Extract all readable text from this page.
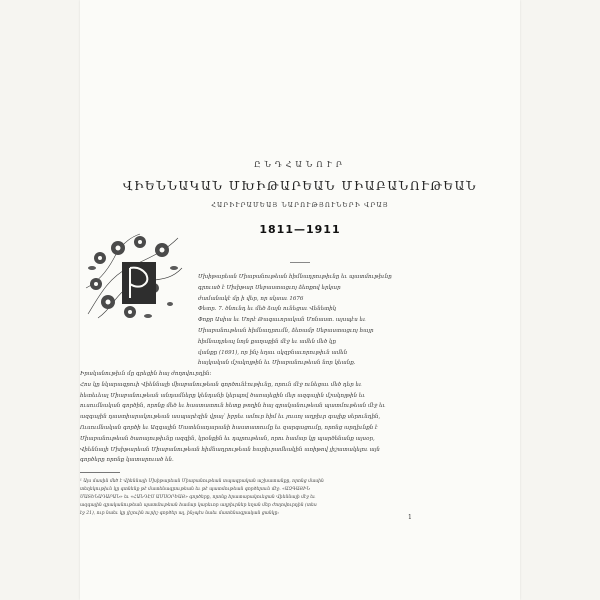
ԸՆԴՀԱՆՈՒՐ
ՎԻԵՆՆԱԿԱՆ ՄԽԻԹԱՐԵԱՆ ՄԻԱԲԱՆՈՒԹԵԱՆ
ՀԱՐԻՒՐԱՄԵԱՅ ՆԱՐՈՒԹՅՈՒՆԵՐԻ ՎՐԱՅ
1811—1911
Մխիթարեան Միաբանութեան հիմնադրութիւնը եւ պատմութիւնը
գրուած է Մխիթար Սեբաստացւոյ ձեռքով երկար
ժամանակէ մը ի վեր, որ սկսաւ 1676
Փետր. 7. ծնունդ եւ մեծ ձայն ունեցաւ Վենետիկ
Փոքր Ասիա եւ Մորէ Թագաւորական Մոնաստ. այսպէս եւ
Միաբանութեան հիմնադրումն, ձեռամբ Սեբաստացւոյ հայր
հիմնադրեալ նոյն քաղաքին մէջ եւ ամեն մեծ կը
վանքը (1691), որ ինչ եղաւ սկզբնաւորութիւն ամեն
հայկական մշակոյթին եւ Միաբանութեան նոր կեանք.
Իրականութիւն մը գրեցին հայ ժողովուրդին:
Հոս կը նկարագրուի Վիեննայի միաբանութեան գործունէութիւնը, որուն մէջ ունեցաւ մեծ դեր եւ
հետեւեալ Միաբանութեան անդամները կենդանի կերպով ծառայեցին մեր ազգային մշակոյթին եւ
ուսումնական գործին, որոնք մեծ եւ հաստատուն հետք թողին հայ գրականութեան պատմութեան մէջ եւ
ազգային դաստիարակութեան ասպարէզին վրայ՝ իբրեւ ամուր հիմ եւ յուսոյ աղբիւր գալիք սերունդին,
Ուսումնական գործի եւ Ազգային Մատենադարանի հաստատումը եւ զարգացումը, որոնց արդիւնքն է
Միաբանութեան ծառայութիւնը ազգին, կրօնքին եւ դպրութեան, որու համար կը պարծենանք այսօր,
Վիեննայի Մխիթարեան Միաբանութեան հիմնադրութեան հարիւրամեակին առիթով յիշատակելու այն
գործերը որոնք կատարուած են.
¹ Այս մասին մեծ է Վիեննայի Մխիթարեան Միաբանութեան տպագրական աշխատանքը, որոնց մասին
տեղեկութիւն կը գտնենք թէ մատենագրութեան եւ թէ պատմութեան գործերուն մէջ. «ԱԶԳԱՅԻՆ
ՄԱՏԵՆԱԴԱՐԱՆ» եւ «ՀԱՆԴԷՍ ԱՄՍՕՐԵԱՅ» գործերը, որոնք հրատարակուեցան Վիեննայի մէջ եւ
ազգային գրականութեան պատմութեան համար կարեւոր աղբիւրներ եղան մեր ժողովուրդին (տես
էջ 21), ուր նաեւ կը յիշուին ուրիշ գործեր ալ, ինչպէս նաեւ մատենագրական ցանկը։
1
